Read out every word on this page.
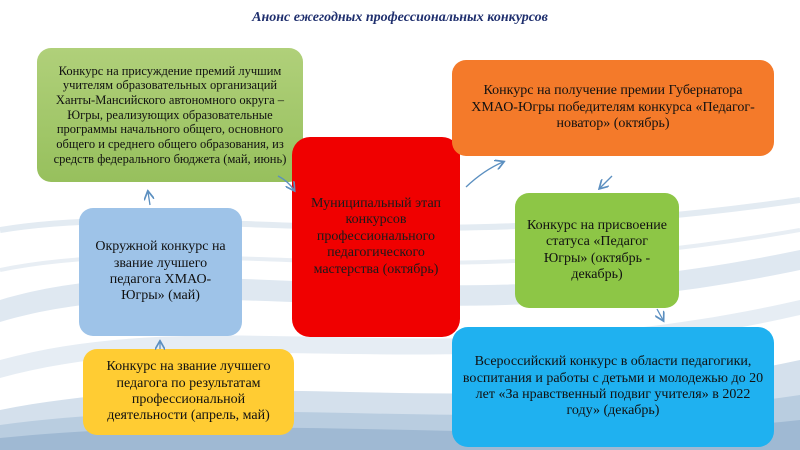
Анонс ежегодных профессиональных конкурсов
Конкурс на присуждение премий лучшим учителям образовательных организаций Ханты-Мансийского автономного округа – Югры, реализующих образовательные программы начального общего, основного общего и среднего общего образования, из средств федерального бюджета (май, июнь)
Окружной конкурс на звание лучшего педагога ХМАО-Югры» (май)
Конкурс на звание лучшего педагога по результатам профессиональной деятельности (апрель, май)
Муниципальный этап конкурсов профессионального педагогического мастерства (октябрь)
Конкурс на получение премии Губернатора ХМАО-Югры победителям конкурса «Педагог-новатор» (октябрь)
Конкурс на присвоение статуса «Педагог Югры» (октябрь - декабрь)
Всероссийский конкурс в области педагогики, воспитания и работы с детьми и молодежью до 20 лет «За нравственный подвиг учителя» в 2022 году» (декабрь)
